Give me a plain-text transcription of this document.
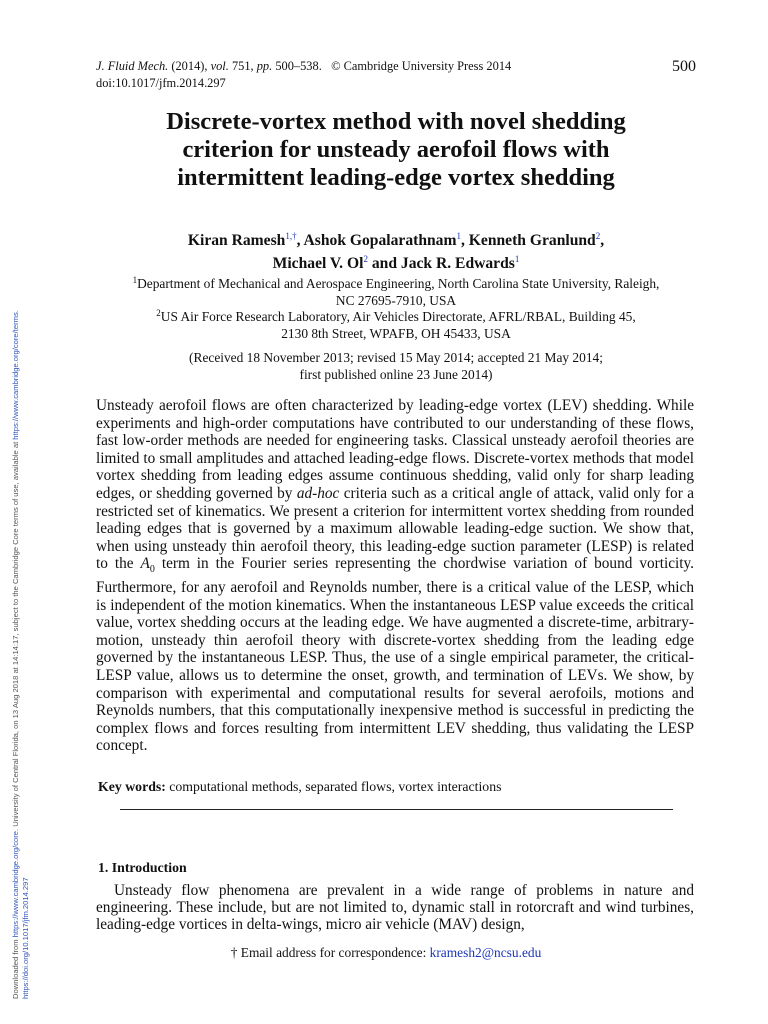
J. Fluid Mech. (2014), vol. 751, pp. 500–538. © Cambridge University Press 2014
doi:10.1017/jfm.2014.297
500
Discrete-vortex method with novel shedding
criterion for unsteady aerofoil flows with
intermittent leading-edge vortex shedding
Kiran Ramesh$^{1,\dagger}$, Ashok Gopalarathnam$^1$, Kenneth Granlund$^2$,
Michael V. Ol$^2$ and Jack R. Edwards$^1$
$^1$Department of Mechanical and Aerospace Engineering, North Carolina State University, Raleigh,
NC 27695-7910, USA
$^2$US Air Force Research Laboratory, Air Vehicles Directorate, AFRL/RBAL, Building 45,
2130 8th Street, WPAFB, OH 45433, USA
(Received 18 November 2013; revised 15 May 2014; accepted 21 May 2014;
first published online 23 June 2014)

Unsteady aerofoil flows are often characterized by leading-edge vortex (LEV) shedding. While experiments and high-order computations have contributed to our understanding of these flows, fast low-order methods are needed for engineering tasks. Classical unsteady aerofoil theories are limited to small amplitudes and attached leading-edge flows. Discrete-vortex methods that model vortex shedding from leading edges assume continuous shedding, valid only for sharp leading edges, or shedding governed by ad-hoc criteria such as a critical angle of attack, valid only for a restricted set of kinematics. We present a criterion for intermittent vortex shedding from rounded leading edges that is governed by a maximum allowable leading-edge suction. We show that, when using unsteady thin aerofoil theory, this leading-edge suction parameter (LESP) is related to the $A_0$ term in the Fourier series representing the chordwise variation of bound vorticity. Furthermore, for any aerofoil and Reynolds number, there is a critical value of the LESP, which is independent of the motion kinematics. When the instantaneous LESP value exceeds the critical value, vortex shedding occurs at the leading edge. We have augmented a discrete-time, arbitrary-motion, unsteady thin aerofoil theory with discrete-vortex shedding from the leading edge governed by the instantaneous LESP. Thus, the use of a single empirical parameter, the critical-LESP value, allows us to determine the onset, growth, and termination of LEVs. We show, by comparison with experimental and computational results for several aerofoils, motions and Reynolds numbers, that this computationally inexpensive method is successful in predicting the complex flows and forces resulting from intermittent LEV shedding, thus validating the LESP concept.

Key words: computational methods, separated flows, vortex interactions
1. Introduction

Unsteady flow phenomena are prevalent in a wide range of problems in nature and engineering. These include, but are not limited to, dynamic stall in rotorcraft and wind turbines, leading-edge vortices in delta-wings, micro air vehicle (MAV) design,

† Email address for correspondence: kramesh2@ncsu.edu
Downloaded from https://www.cambridge.org/core. University of Central Florida, on 13 Aug 2018 at 14:14:17, subject to the Cambridge Core terms of use, available at https://www.cambridge.org/core/terms.
https://doi.org/10.1017/jfm.2014.297
